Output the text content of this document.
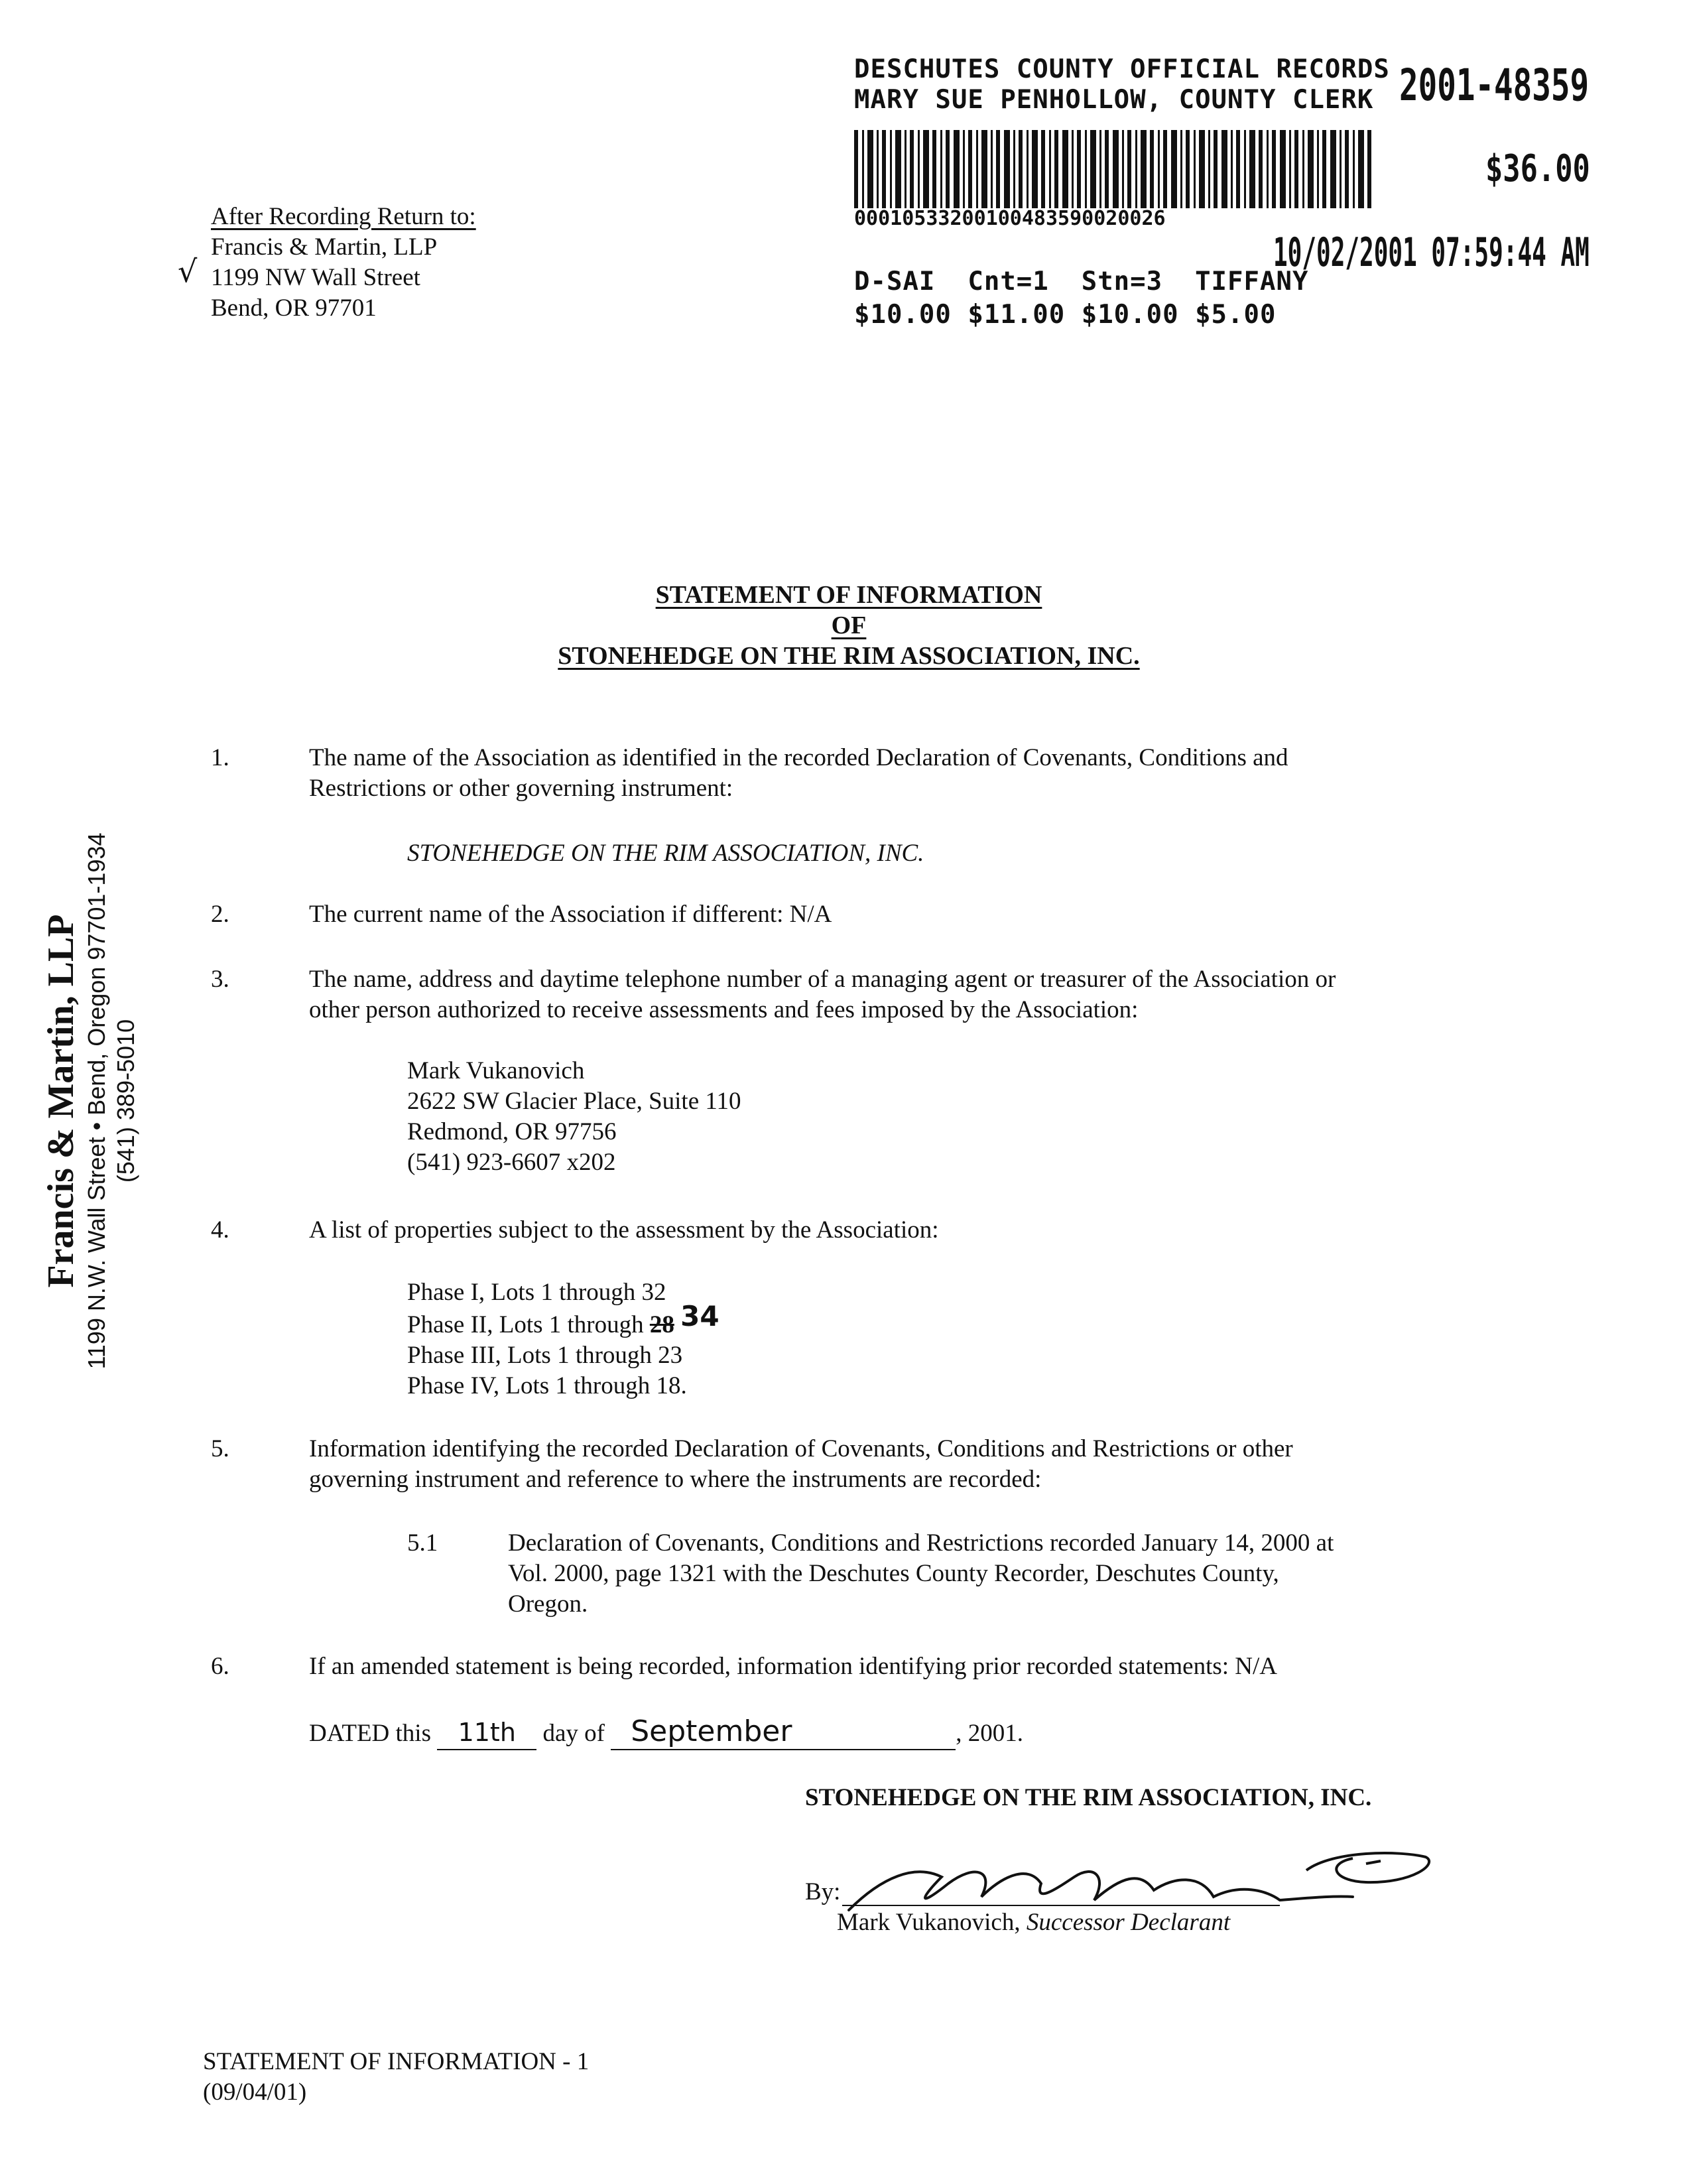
After Recording Return to:
Francis & Martin, LLP
1199 NW Wall Street
Bend, OR 97701
√
DESCHUTES COUNTY OFFICIAL RECORDS
MARY SUE PENHOLLOW, COUNTY CLERK 2001-48359
$36.00
00010533200100483590020026
10/02/2001 07:59:44 AM
D-SAI  Cnt=1  Stn=3  TIFFANY
$10.00 $11.00 $10.00 $5.00
Francis & Martin, LLP 1199 N.W. Wall Street • Bend, Oregon 97701-1934 (541) 389-5010
STATEMENT OF INFORMATION
OF
STONEHEDGE ON THE RIM ASSOCIATION, INC.
1.	The name of the Association as identified in the recorded Declaration of Covenants, Conditions and
Restrictions or other governing instrument:
STONEHEDGE ON THE RIM ASSOCIATION, INC.
2.	The current name of the Association if different: N/A
3.	The name, address and daytime telephone number of a managing agent or treasurer of the Association or
other person authorized to receive assessments and fees imposed by the Association:
Mark Vukanovich
2622 SW Glacier Place, Suite 110
Redmond, OR 97756
(541) 923-6607 x202
4.	A list of properties subject to the assessment by the Association:
Phase I, Lots 1 through 32
Phase II, Lots 1 through 28 34
Phase III, Lots 1 through 23
Phase IV, Lots 1 through 18.
5.	Information identifying the recorded Declaration of Covenants, Conditions and Restrictions or other
governing instrument and reference to where the instruments are recorded:
5.1	Declaration of Covenants, Conditions and Restrictions recorded January 14, 2000 at
Vol. 2000, page 1321 with the Deschutes County Recorder, Deschutes County,
Oregon.
6.	If an amended statement is being recorded, information identifying prior recorded statements: N/A
DATED this 11th day of September	, 2001.
STONEHEDGE ON THE RIM ASSOCIATION, INC.
By:
Mark Vukanovich, Successor Declarant
STATEMENT OF INFORMATION - 1
(09/04/01)
